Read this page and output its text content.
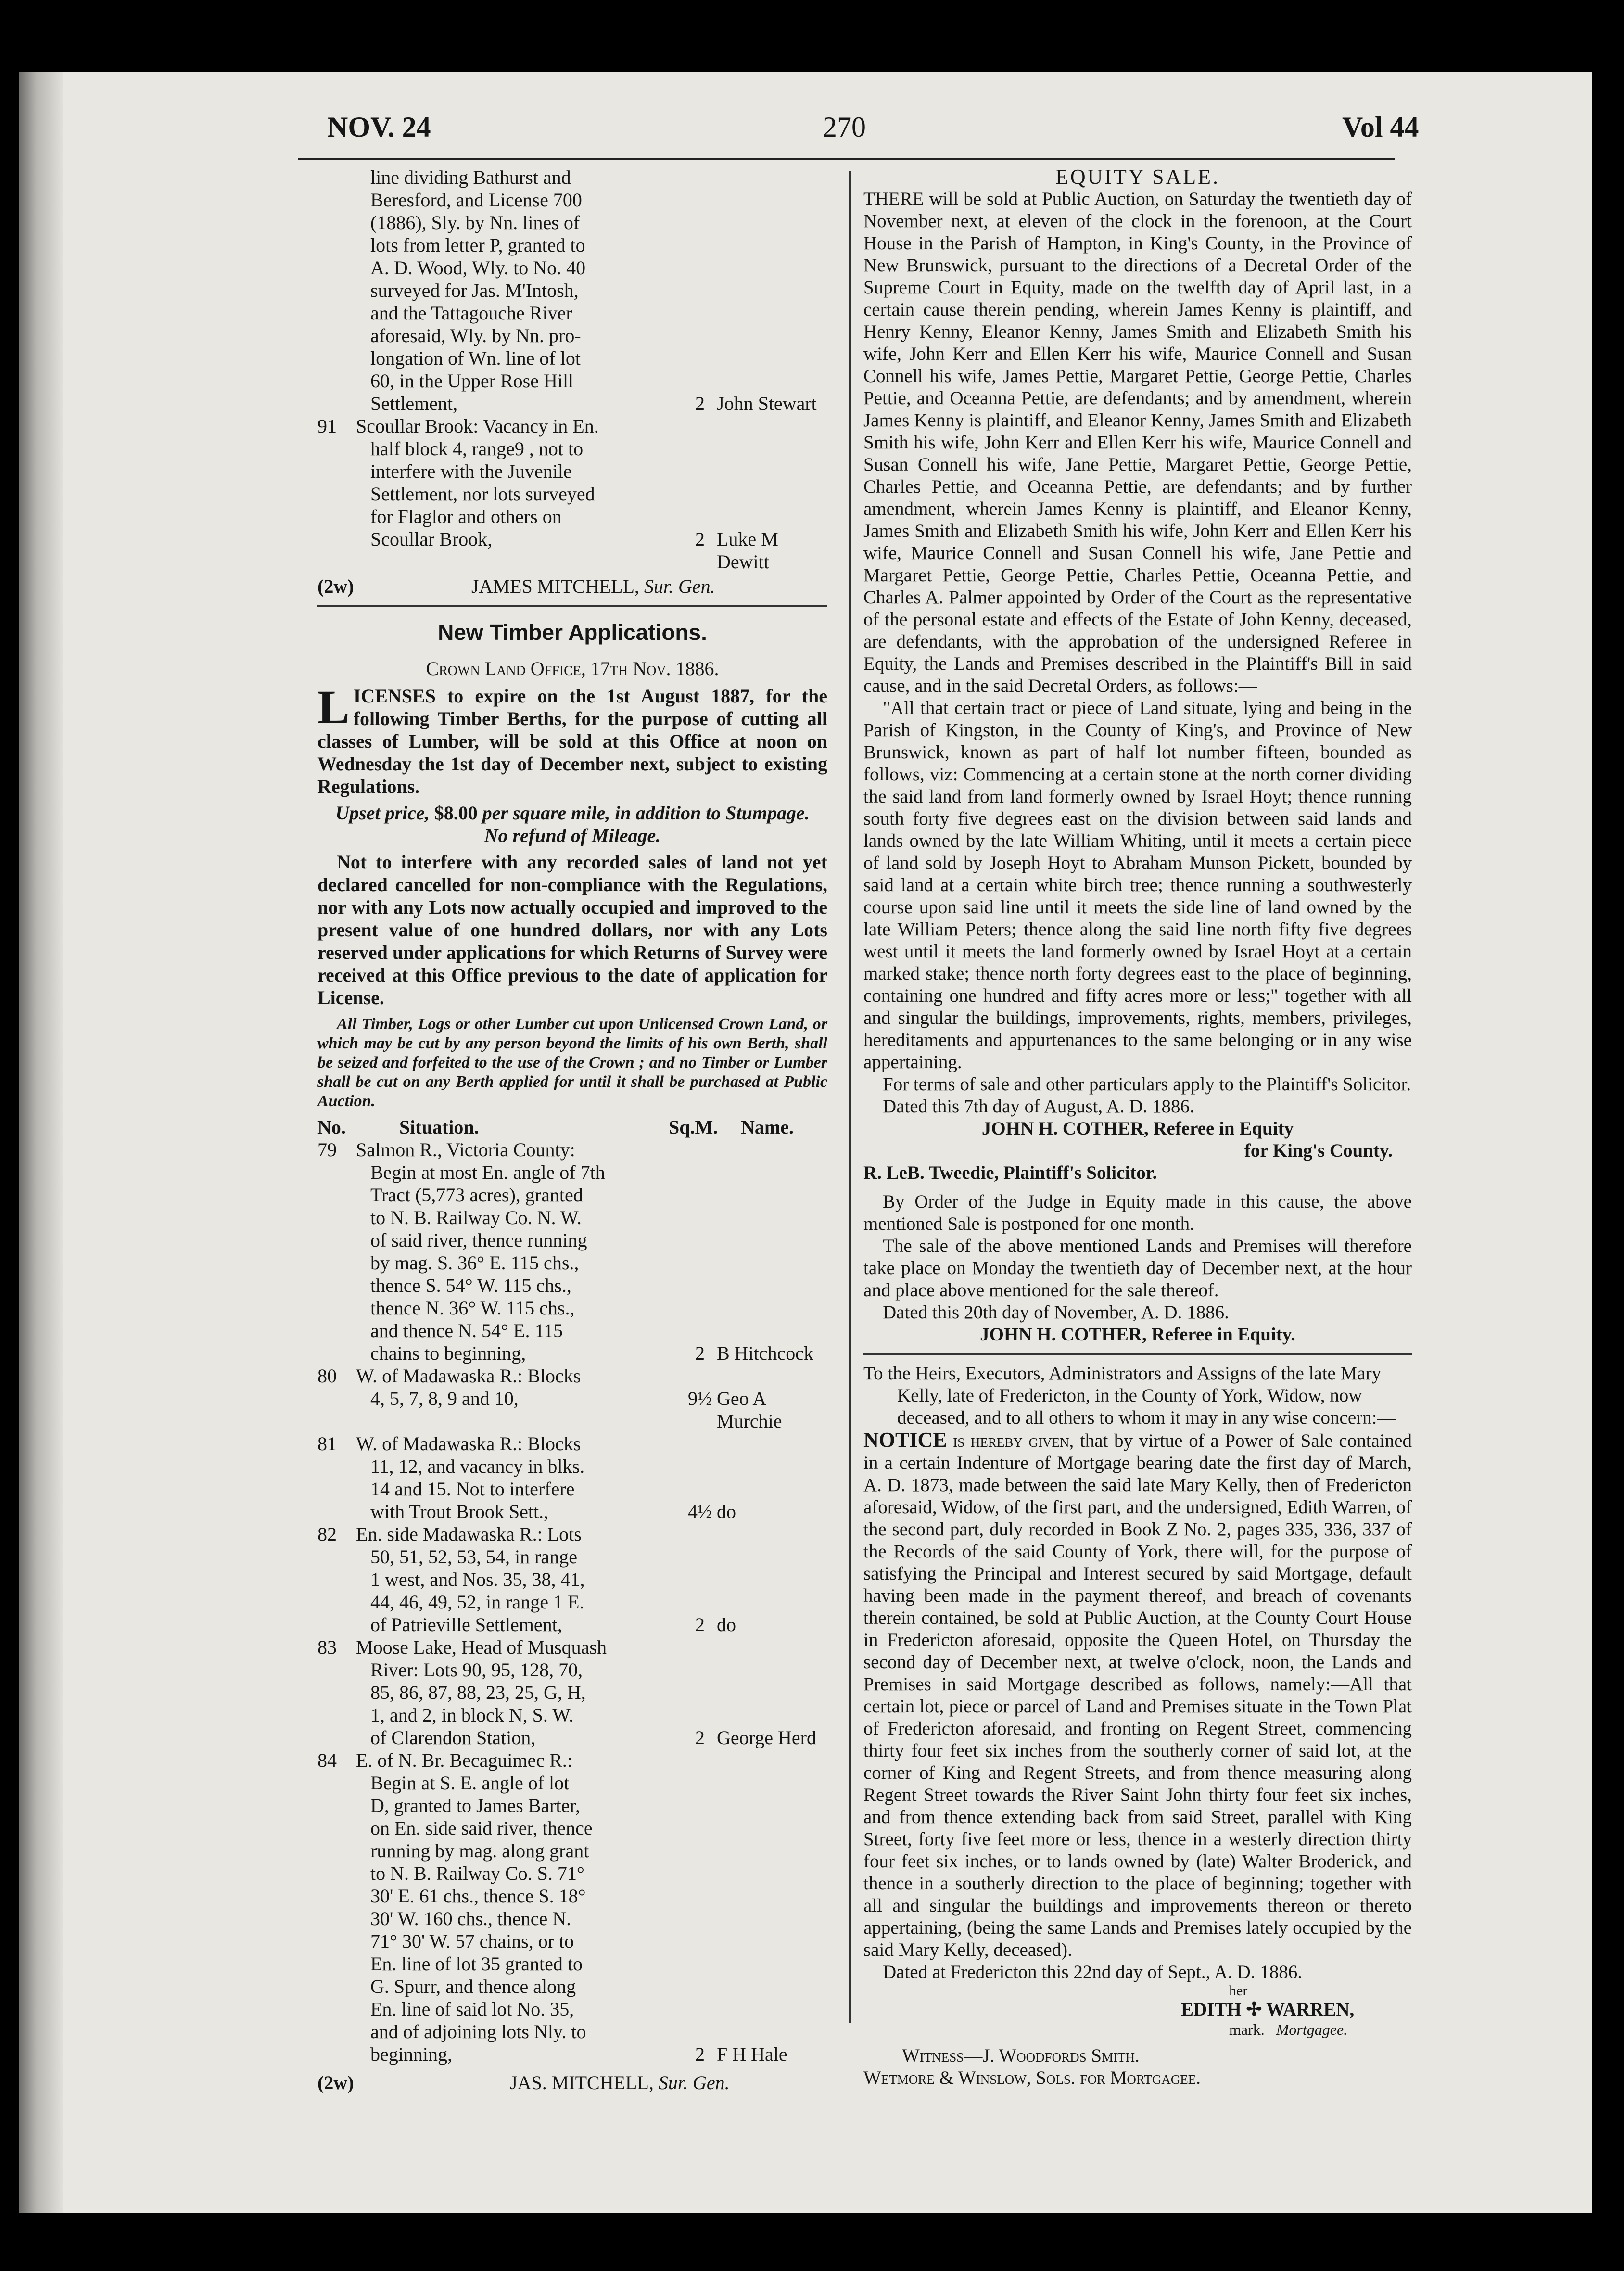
NOV. 24	270	Vol 44

line dividing Bathurst and

Beresford, and License 700

(1886), Sly. by Nn. lines of

lots from letter P, granted to

A. D. Wood, Wly. to No. 40

surveyed for Jas. M'Intosh,

and the Tattagouche River

aforesaid, Wly. by Nn. pro-

longation of Wn. line of lot

60, in the Upper Rose Hill

Settlement,	2 John Stewart
91	Scoullar Brook: Vacancy in En.

half block 4, range9 , not to

interfere with the Juvenile

Settlement, nor lots surveyed

for Flaglor and others on

Scoullar Brook,	2 Luke M Dewitt
(2w)	JAMES MITCHELL,
Sur. Gen.
New Timber Applications.

Crown Land Office, 17th Nov. 1886.

LICENSES to expire on the 1st August 1887, for the following Timber Berths, for the purpose of cutting all classes of Lumber, will be sold at this Office at noon on Wednesday the 1st day of December next, subject to existing Regulations.

Upset price, $8.00 per square mile, in addition to Stumpage.

No refund of Mileage.

Not to interfere with any recorded sales of land not yet declared cancelled for non-compliance with the Regulations, nor with any Lots now actually occupied and improved to the present value of one hundred dollars, nor with any Lots reserved under applications for which Returns of Survey were received at this Office previous to the date of application for License.

All Timber, Logs or other Lumber cut upon Unlicensed Crown Land, or which may be cut by any person beyond the limits of his own Berth, shall be seized and forfeited to the use of the Crown ; and no Timber or Lumber shall be cut on any Berth applied for until it shall be purchased at Public Auction.

No.	Situation.	Sq.M.	Name.
79	Salmon R., Victoria County:

Begin at most En. angle of 7th

Tract (5,773 acres), granted

to N. B. Railway Co. N. W.

of said river, thence running

by mag. S. 36° E. 115 chs.,

thence S. 54° W. 115 chs.,

thence N. 36° W. 115 chs.,

and thence N. 54° E. 115

chains to beginning,	2 B Hitchcock
80	W. of Madawaska R.: Blocks
4, 5, 7, 8, 9 and 10,	9½ Geo A Murchie
81	W. of Madawaska R.: Blocks

11, 12, and vacancy in blks.

14 and 15. Not to interfere

with Trout Brook Sett.,	4½ do
82	En. side Madawaska R.: Lots

50, 51, 52, 53, 54, in range

1 west, and Nos. 35, 38, 41,

44, 46, 49, 52, in range 1 E.

of Patrieville Settlement,	2 do
83	Moose Lake, Head of Musquash

River: Lots 90, 95, 128, 70,

85, 86, 87, 88, 23, 25, G, H,

1, and 2, in block N, S. W.

of Clarendon Station,	2 George Herd
84	E. of N. Br. Becaguimec R.:

Begin at S. E. angle of lot

D, granted to James Barter,

on En. side said river, thence

running by mag. along grant

to N. B. Railway Co. S. 71°

30' E. 61 chs., thence S. 18°

30' W. 160 chs., thence N.

71° 30' W. 57 chains, or to

En. line of lot 35 granted to

G. Spurr, and thence along

En. line of said lot No. 35,

and of adjoining lots Nly. to

beginning,	2 F H Hale
(2w)	JAS. MITCHELL,
Sur. Gen.

EQUITY SALE.

THERE will be sold at Public Auction, on Saturday the twentieth day of November next, at eleven of the clock in the forenoon, at the Court House in the Parish of Hampton, in King's County, in the Province of New Brunswick, pursuant to the directions of a Decretal Order of the Supreme Court in Equity, made on the twelfth day of April last, in a certain cause therein pending, wherein James Kenny is plaintiff, and Henry Kenny, Eleanor Kenny, James Smith and Elizabeth Smith his wife, John Kerr and Ellen Kerr his wife, Maurice Connell and Susan Connell his wife, James Pettie, Margaret Pettie, George Pettie, Charles Pettie, and Oceanna Pettie, are defendants; and by amendment, wherein James Kenny is plaintiff, and Eleanor Kenny, James Smith and Elizabeth Smith his wife, John Kerr and Ellen Kerr his wife, Maurice Connell and Susan Connell his wife, Jane Pettie, Margaret Pettie, George Pettie, Charles Pettie, and Oceanna Pettie, are defendants; and by further amendment, wherein James Kenny is plaintiff, and Eleanor Kenny, James Smith and Elizabeth Smith his wife, John Kerr and Ellen Kerr his wife, Maurice Connell and Susan Connell his wife, Jane Pettie and Margaret Pettie, George Pettie, Charles Pettie, Oceanna Pettie, and Charles A. Palmer appointed by Order of the Court as the representative of the personal estate and effects of the Estate of John Kenny, deceased, are defendants, with the approbation of the undersigned Referee in Equity, the Lands and Premises described in the Plaintiff's Bill in said cause, and in the said Decretal Orders, as follows:—

"All that certain tract or piece of Land situate, lying and being in the Parish of Kingston, in the County of King's, and Province of New Brunswick, known as part of half lot number fifteen, bounded as follows, viz: Commencing at a certain stone at the north corner dividing the said land from land formerly owned by Israel Hoyt; thence running south forty five degrees east on the division between said lands and lands owned by the late William Whiting, until it meets a certain piece of land sold by Joseph Hoyt to Abraham Munson Pickett, bounded by said land at a certain white birch tree; thence running a southwesterly course upon said line until it meets the side line of land owned by the late William Peters; thence along the said line north fifty five degrees west until it meets the land formerly owned by Israel Hoyt at a certain marked stake; thence north forty degrees east to the place of beginning, containing one hundred and fifty acres more or less;" together with all and singular the buildings, improvements, rights, members, privileges, hereditaments and appurtenances to the same belonging or in any wise appertaining.

For terms of sale and other particulars apply to the Plaintiff's Solicitor.

Dated this 7th day of August, A. D. 1886.

JOHN H. COTHER, Referee in Equity

for King's County.

R. LeB. Tweedie, Plaintiff's Solicitor.

By Order of the Judge in Equity made in this cause, the above mentioned Sale is postponed for one month.

The sale of the above mentioned Lands and Premises will therefore take place on Monday the twentieth day of December next, at the hour and place above mentioned for the sale thereof.

Dated this 20th day of November, A. D. 1886.

JOHN H. COTHER, Referee in Equity.

To the Heirs, Executors, Administrators and Assigns of the late Mary Kelly, late of Fredericton, in the County of York, Widow, now deceased, and to all others to whom it may in any wise concern:—

NOTICE is hereby given, that by virtue of a Power of Sale contained in a certain Indenture of Mortgage bearing date the first day of March, A. D. 1873, made between the said late Mary Kelly, then of Fredericton aforesaid, Widow, of the first part, and the undersigned, Edith Warren, of the second part, duly recorded in Book Z No. 2, pages 335, 336, 337 of the Records of the said County of York, there will, for the purpose of satisfying the Principal and Interest secured by said Mortgage, default having been made in the payment thereof, and breach of covenants therein contained, be sold at Public Auction, at the County Court House in Fredericton aforesaid, opposite the Queen Hotel, on Thursday the second day of December next, at twelve o'clock, noon, the Lands and Premises in said Mortgage described as follows, namely:—All that certain lot, piece or parcel of Land and Premises situate in the Town Plat of Fredericton aforesaid, and fronting on Regent Street, commencing thirty four feet six inches from the southerly corner of said lot, at the corner of King and Regent Streets, and from thence measuring along Regent Street towards the River Saint John thirty four feet six inches, and from thence extending back from said Street, parallel with King Street, forty five feet more or less, thence in a westerly direction thirty four feet six inches, or to lands owned by (late) Walter Broderick, and thence in a southerly direction to the place of beginning; together with all and singular the buildings and improvements thereon or thereto appertaining, (being the same Lands and Premises lately occupied by the said Mary Kelly, deceased).

Dated at Fredericton this 22nd day of Sept., A. D. 1886.

her

EDITH ✢ WARREN,

mark. Mortgagee.

Witness—J. Woodfords Smith.

Wetmore & Winslow, Sols. for Mortgagee.
